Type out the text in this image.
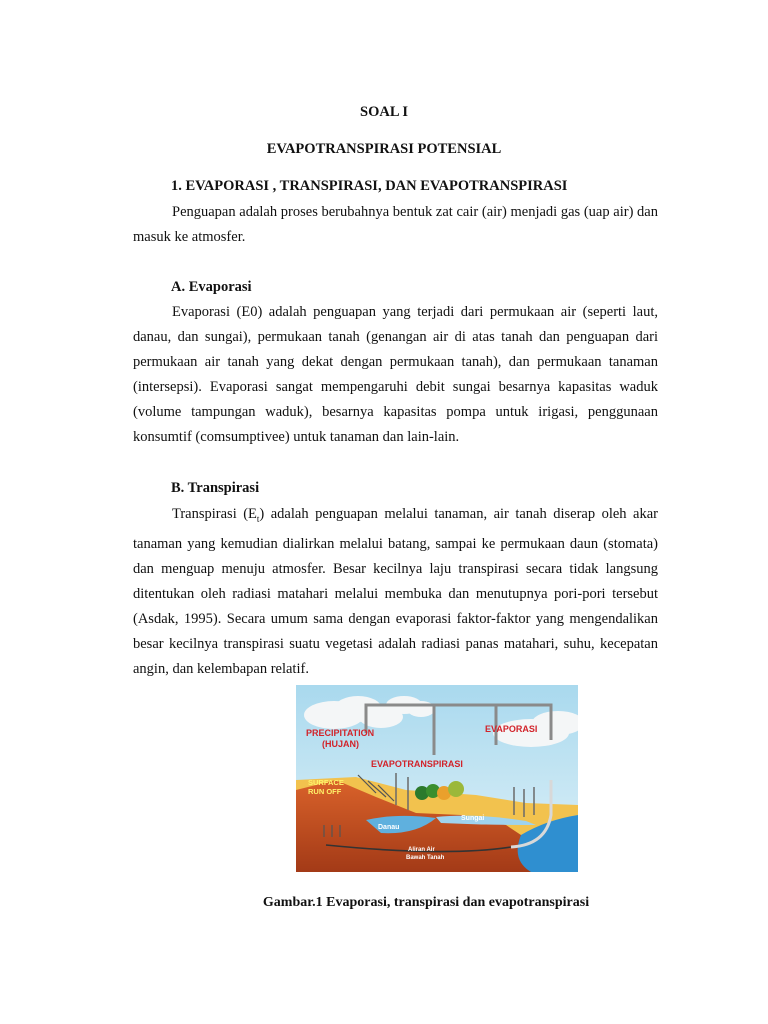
SOAL I
EVAPOTRANSPIRASI POTENSIAL
1. EVAPORASI , TRANSPIRASI, DAN EVAPOTRANSPIRASI

Penguapan adalah proses berubahnya bentuk zat cair (air) menjadi gas (uap air) dan masuk ke atmosfer.

A. Evaporasi

Evaporasi (E0) adalah penguapan yang terjadi dari permukaan air (seperti laut, danau, dan sungai), permukaan tanah (genangan air di atas tanah dan penguapan dari permukaan air tanah yang dekat dengan permukaan tanah), dan permukaan tanaman (intersepsi). Evaporasi sangat mempengaruhi debit sungai besarnya kapasitas waduk (volume tampungan waduk), besarnya kapasitas pompa untuk irigasi, penggunaan konsumtif (comsumptivee) untuk tanaman dan lain-lain.

B. Transpirasi

Transpirasi $(E_t)$ adalah penguapan melalui tanaman, air tanah diserap oleh akar tanaman yang kemudian dialirkan melalui batang, sampai ke permukaan daun (stomata) dan menguap menuju atmosfer. Besar kecilnya laju transpirasi secara tidak langsung ditentukan oleh radiasi matahari melalui membuka dan menutupnya pori-pori tersebut (Asdak, 1995). Secara umum sama dengan evaporasi faktor-faktor yang mengendalikan besar kecilnya transpirasi suatu vegetasi adalah radiasi panas matahari, suhu, kecepatan angin, dan kelembapan relatif.

PRECIPITATION
(HUJAN)
EVAPORASI
EVAPOTRANSPIRASI
SURFACE
RUN OFF
Danau
Sungai
Aliran Air
Bawah Tanah
Gambar.1 Evaporasi, transpirasi dan evapotranspirasi
